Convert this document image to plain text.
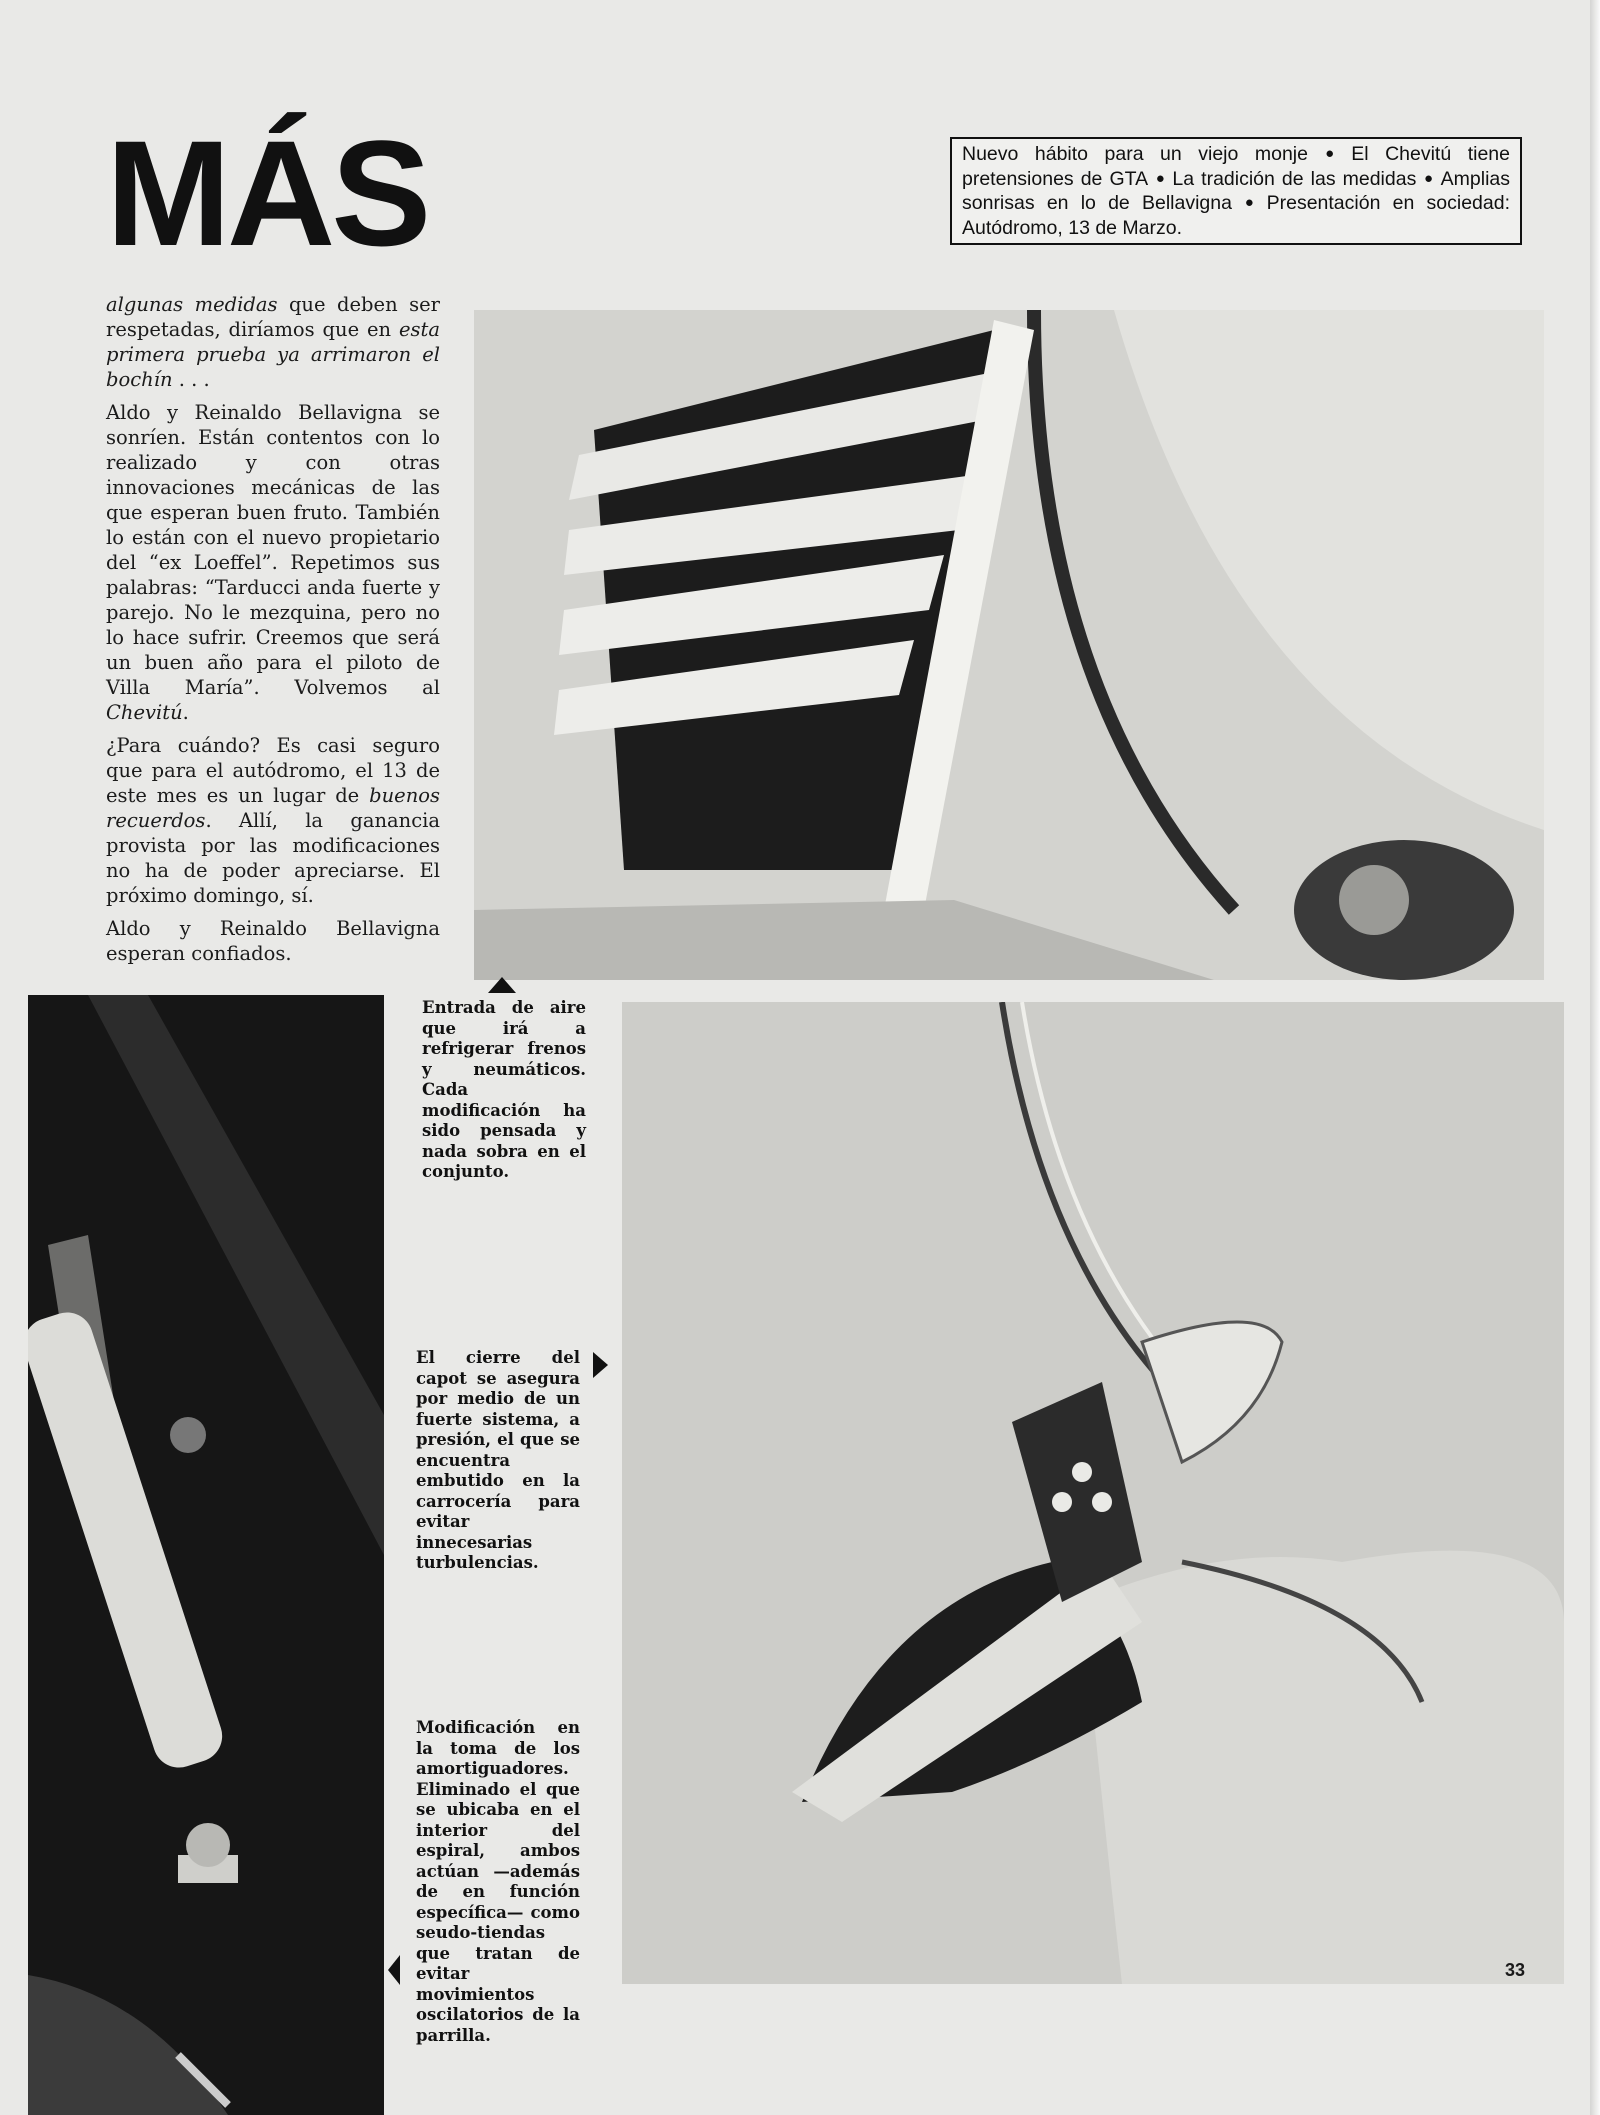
MÁS	Nuevo hábito para un viejo monje ● El Chevitú tiene pretensiones de GTA ● La tradición de las medidas ● Amplias sonrisas en lo de Bellavigna ● Presentación en sociedad: Autódromo, 13 de Marzo.

algunas medidas que deben ser respetadas, diríamos que en esta primera prueba ya arrimaron el bochín . . .

Aldo y Reinaldo Bellavigna se sonríen. Están contentos con lo realizado y con otras innovaciones mecánicas de las que esperan buen fruto. También lo están con el nuevo propietario del “ex Loeffel”. Repetimos sus palabras: “Tarducci anda fuerte y parejo. No le mezquina, pero no lo hace sufrir. Creemos que será un buen año para el piloto de Villa María”. Volvemos al Chevitú.

¿Para cuándo? Es casi seguro que para el autódromo, el 13 de este mes es un lugar de buenos recuerdos. Allí, la ganancia provista por las modificaciones no ha de poder apreciarse. El próximo domingo, sí.

Aldo y Reinaldo Bellavigna esperan confiados.

Entrada de aire que irá a refrigerar frenos y neumáticos. Cada modificación ha sido pensada y nada sobra en el conjunto.
El cierre del capot se asegura por medio de un fuerte sistema, a presión, el que se encuentra embutido en la carrocería para evitar innecesarias turbulencias.
Modificación en la toma de los amortiguadores. Eliminado el que se ubicaba en el interior del espiral, ambos actúan —además de en función específica— como seudo-tiendas que tratan de evitar movimientos oscilatorios de la parrilla.
33
